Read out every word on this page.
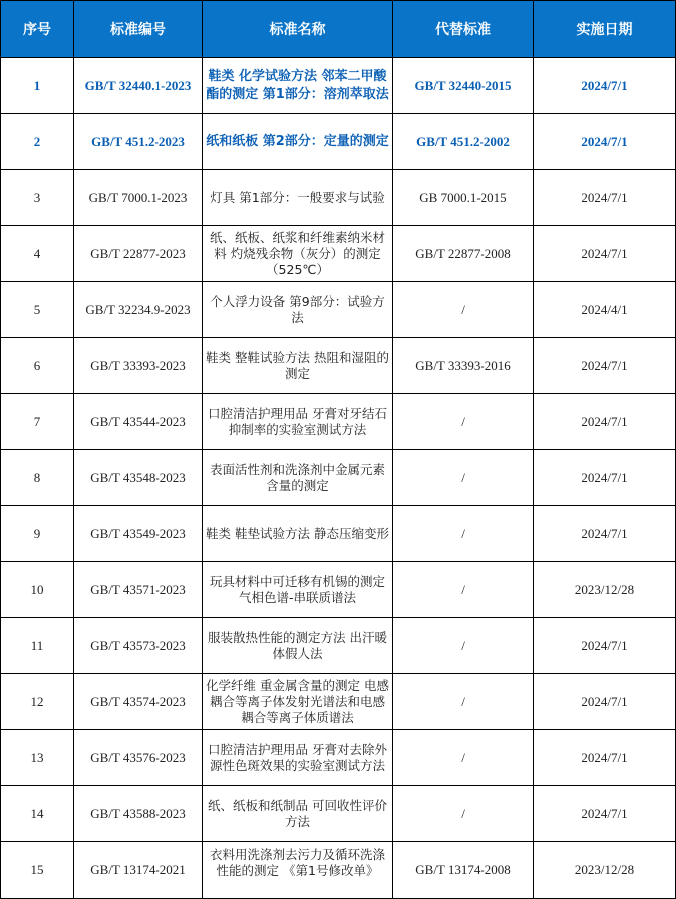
序号	标准编号	标准名称	代替标准	实施日期
1	GB/T 32440.1-2023	鞋类 化学试验方法 邻苯二甲酸酯的测定 第1部分：溶剂萃取法	GB/T 32440-2015	2024/7/1
2	GB/T 451.2-2023	纸和纸板 第2部分：定量的测定	GB/T 451.2-2002	2024/7/1
3	GB/T 7000.1-2023	灯具 第1部分：一般要求与试验	GB 7000.1-2015	2024/7/1
4	GB/T 22877-2023	纸、纸板、纸浆和纤维素纳米材料 灼烧残余物（灰分）的测定（525℃）	GB/T 22877-2008	2024/7/1
5	GB/T 32234.9-2023	个人浮力设备 第9部分：试验方法	/	2024/4/1
6	GB/T 33393-2023	鞋类 整鞋试验方法 热阻和湿阻的测定	GB/T 33393-2016	2024/7/1
7	GB/T 43544-2023	口腔清洁护理用品 牙膏对牙结石抑制率的实验室测试方法	/	2024/7/1
8	GB/T 43548-2023	表面活性剂和洗涤剂中金属元素含量的测定	/	2024/7/1
9	GB/T 43549-2023	鞋类 鞋垫试验方法 静态压缩变形	/	2024/7/1
10	GB/T 43571-2023	玩具材料中可迁移有机锡的测定 气相色谱-串联质谱法	/	2023/12/28
11	GB/T 43573-2023	服装散热性能的测定方法 出汗暖体假人法	/	2024/7/1
12	GB/T 43574-2023	化学纤维 重金属含量的测定 电感耦合等离子体发射光谱法和电感耦合等离子体质谱法	/	2024/7/1
13	GB/T 43576-2023	口腔清洁护理用品 牙膏对去除外源性色斑效果的实验室测试方法	/	2024/7/1
14	GB/T 43588-2023	纸、纸板和纸制品 可回收性评价方法	/	2024/7/1
15	GB/T 13174-2021	衣料用洗涤剂去污力及循环洗涤性能的测定 《第1号修改单》	GB/T 13174-2008	2023/12/28
